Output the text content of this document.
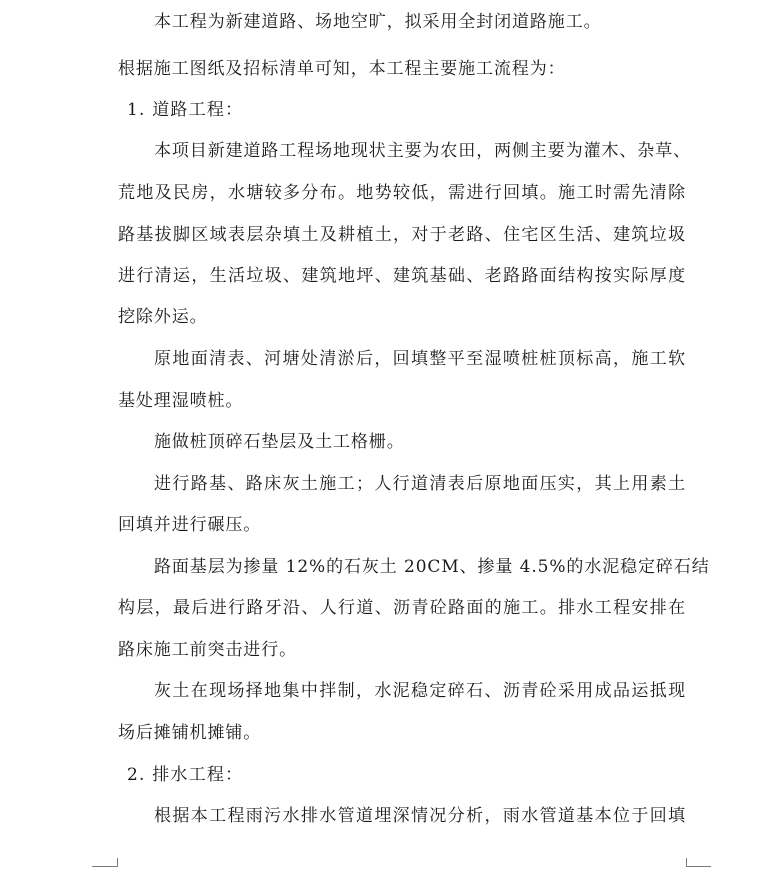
本工程为新建道路、场地空旷，拟采用全封闭道路施工。
根据施工图纸及招标清单可知，本工程主要施工流程为：
1. 道路工程：
本项目新建道路工程场地现状主要为农田，两侧主要为灌木、杂草、
荒地及民房，水塘较多分布。地势较低，需进行回填。施工时需先清除
路基拔脚区域表层杂填土及耕植土，对于老路、住宅区生活、建筑垃圾
进行清运，生活垃圾、建筑地坪、建筑基础、老路路面结构按实际厚度
挖除外运。
原地面清表、河塘处清淤后，回填整平至湿喷桩桩顶标高，施工软
基处理湿喷桩。
施做桩顶碎石垫层及土工格栅。
进行路基、路床灰土施工；人行道清表后原地面压实，其上用素土
回填并进行碾压。
路面基层为掺量 12%的石灰土 20CM、掺量 4.5%的水泥稳定碎石结
构层，最后进行路牙沿、人行道、沥青砼路面的施工。排水工程安排在
路床施工前突击进行。
灰土在现场择地集中拌制，水泥稳定碎石、沥青砼采用成品运抵现
场后摊铺机摊铺。
2. 排水工程：
根据本工程雨污水排水管道埋深情况分析，雨水管道基本位于回填
